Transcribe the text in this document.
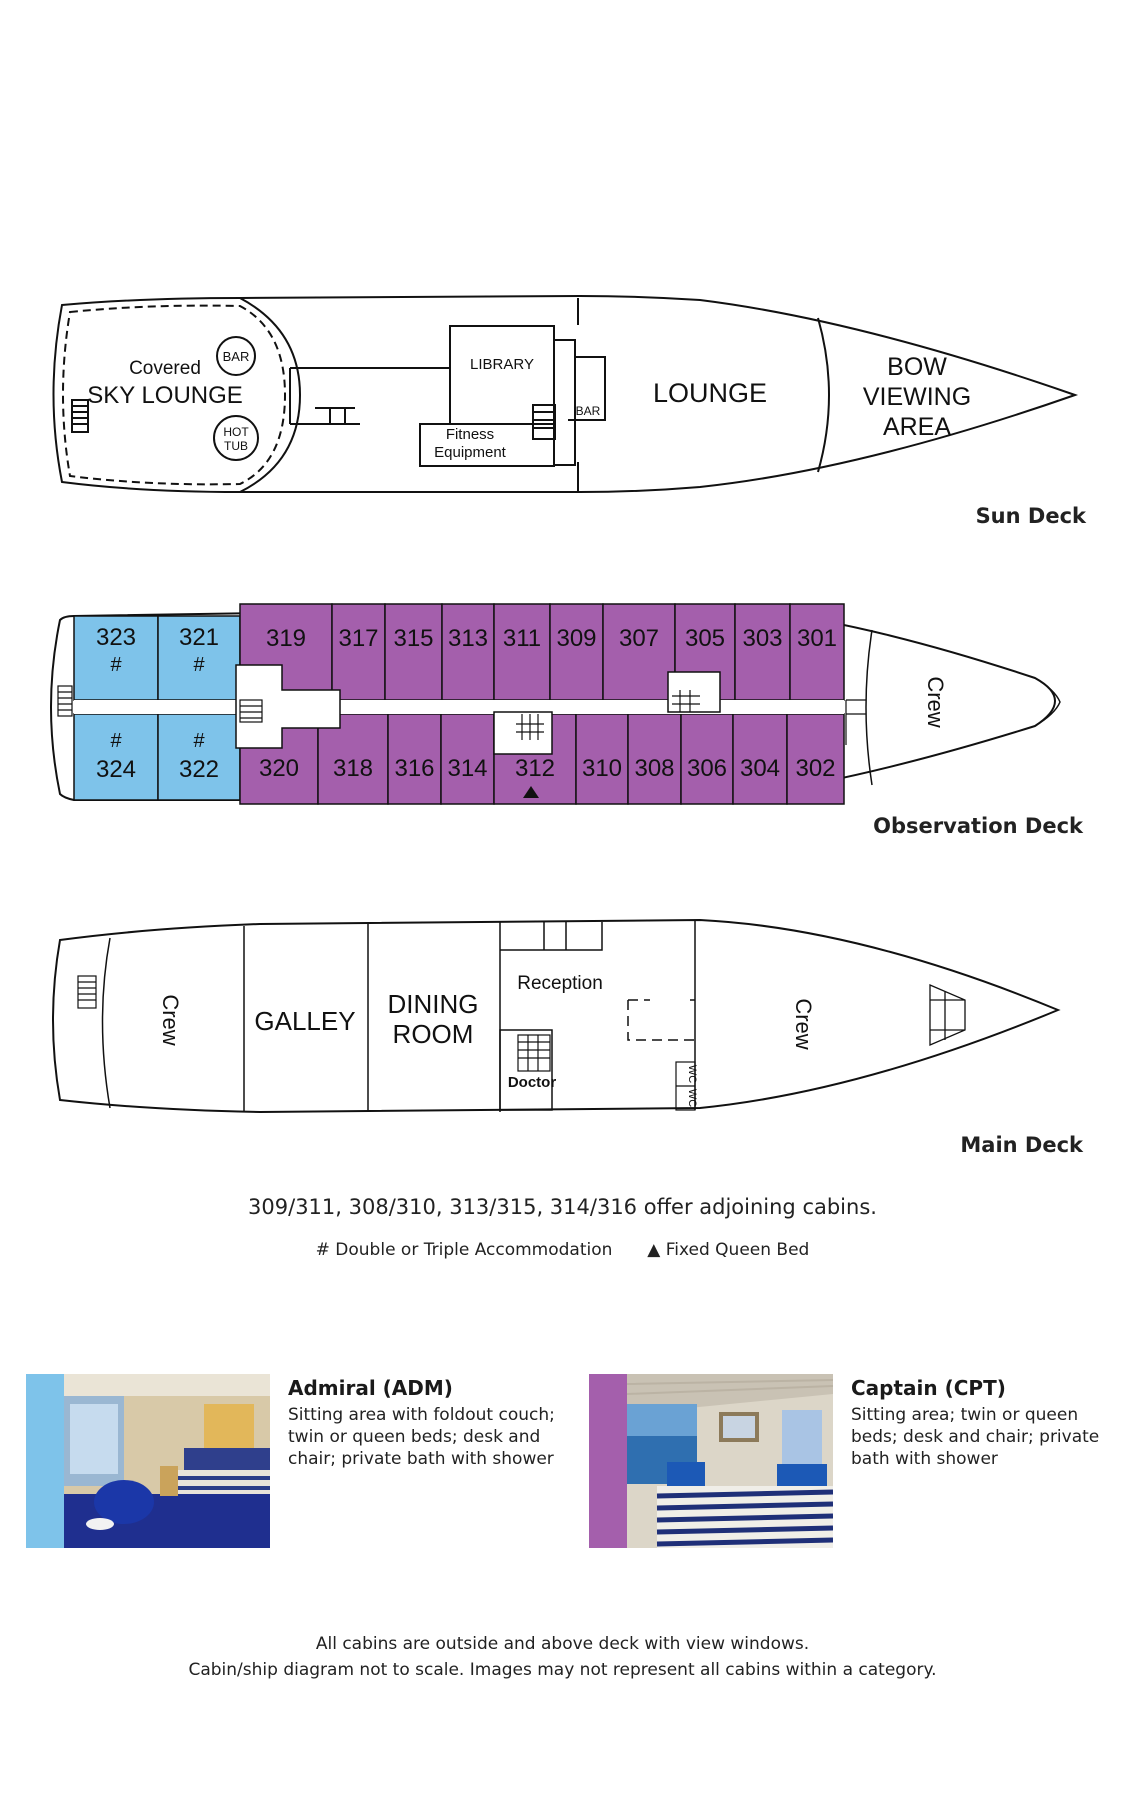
Covered
SKY LOUNGE
BAR
HOT
TUB
LIBRARY
Fitness
Equipment
BAR
LOUNGE
BOW
VIEWING
AREA
323
#
321
#
#
324
#
322
319 317 315 313 311 309 307 305 303 301
320 318 316 314 312 310 308 306 304 302
Crew
Crew	GALLEY
DINING
ROOM
Reception
Doctor	WC
WC
Crew
Sun Deck
Observation Deck
Main Deck
309/311, 308/310, 313/315, 314/316 offer adjoining cabins.
# Double or Triple Accommodation ▲ Fixed Queen Bed
Admiral (ADM)
Sitting area with foldout couch; twin or queen beds; desk and chair; private bath with shower
Captain (CPT)
Sitting area; twin or queen beds; desk and chair; private bath with shower
All cabins are outside and above deck with view windows.
Cabin/ship diagram not to scale. Images may not represent all cabins within a category.
